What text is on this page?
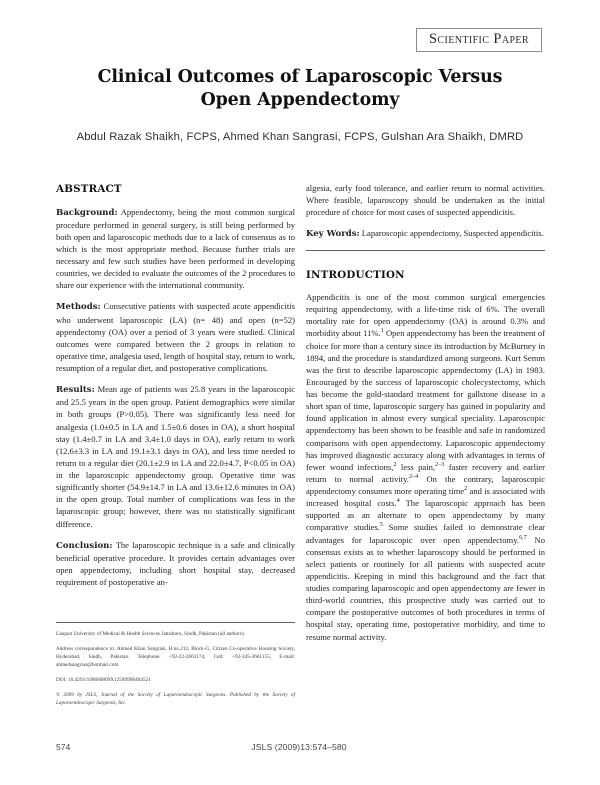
Scientific Paper
Clinical Outcomes of Laparoscopic Versus
Open Appendectomy
Abdul Razak Shaikh, FCPS, Ahmed Khan Sangrasi, FCPS, Gulshan Ara Shaikh, DMRD
ABSTRACT

Background: Appendectomy, being the most common surgical procedure performed in general surgery, is still being performed by both open and laparoscopic methods due to a lack of consensus as to which is the most appropriate method. Because further trials are necessary and few such studies have been performed in developing countries, we decided to evaluate the outcomes of the 2 procedures to share our experience with the international community.

Methods: Consecutive patients with suspected acute appendicitis who underwent laparoscopic (LA) (n= 48) and open (n=52) appendectomy (OA) over a period of 3 years were studied. Clinical outcomes were compared between the 2 groups in relation to operative time, analgesia used, length of hospital stay, return to work, resumption of a regular diet, and postoperative complications.

Results: Mean age of patients was 25.8 years in the laparoscopic and 25.5 years in the open group. Patient demographics were similar in both groups (P>0.05). There was significantly less need for analgesia (1.0±0.5 in LA and 1.5±0.6 doses in OA), a short hospital stay (1.4±0.7 in LA and 3.4±1.0 days in OA), early return to work (12.6±3.3 in LA and 19.1±3.1 days in OA), and less time needed to return to a regular diet (20.1±2.9 in LA and 22.0±4.7, P<0.05 in OA) in the laparoscopic appendectomy group. Operative time was significantly shorter (54.9±14.7 in LA and 13.6±12.6 minutes in OA) in the open group. Total number of complications was less in the laparoscopic group; however, there was no statistically significant difference.

Conclusion: The laparoscopic technique is a safe and clinically beneficial operative procedure. It provides certain advantages over open appendectomy, including short hospital stay, decreased requirement of postoperative an-

Liaquat University of Medical & Health Sciences Jamshoro, Sindh, Pakistan (all authors).

Address correspondence to: Ahmed Khan Sangrasi, H.no.212, Block-G, Citizen Co-operative Housing Society, Hyderabad, Sindh, Pakistan. Telephone: +92-22-2661174, Cell: +92-345-3661155, E-mail: ahmedsangrasi@hotmail.com

DOI: 10.4293/108680809X12589998404521

© 2009 by JSLS, Journal of the Society of Laparoendoscopic Surgeons. Published by the Society of Laparoendoscopic Surgeons, Inc.

algesia, early food tolerance, and earlier return to normal activities. Where feasible, laparoscopy should be undertaken as the initial procedure of choice for most cases of suspected appendicitis.

Key Words: Laparoscopic appendectomy, Suspected appendicitis.

INTRODUCTION

Appendicitis is one of the most common surgical emergencies requiring appendectomy, with a life-time risk of 6%. The overall mortality rate for open appendectomy (OA) is around 0.3% and morbidity about 11%.$^1$ Open appendectomy has been the treatment of choice for more than a century since its introduction by McBurney in 1894, and the procedure is standardized among surgeons. Kurt Semm was the first to describe laparoscopic appendectomy (LA) in 1983. Encouraged by the success of laparoscopic cholecystectomy, which has become the gold-standard treatment for gallstone disease in a short span of time, laparoscopic surgery has gained in popularity and found application in almost every surgical speciality. Laparoscopic appendectomy has been shown to be feasible and safe in randomized comparisons with open appendectomy. Laparoscopic appendectomy has improved diagnostic accuracy along with advantages in terms of fewer wound infections,$^2$ less pain,$^{2-3}$ faster recovery and earlier return to normal activity.$^{2-4}$ On the contrary, laparoscopic appendectomy consumes more operating time$^2$ and is associated with increased hospital costs.$^4$ The laparoscopic approach has been supported as an alternate to open appendectomy by many comparative studies.$^5$ Some studies failed to demonstrate clear advantages for laparoscopic over open appendectomy.$^{6,7}$ No consensus exists as to whether laparoscopy should be performed in select patients or routinely for all patients with suspected acute appendicitis. Keeping in mind this background and the fact that studies comparing laparoscopic and open appendectomy are fewer in third-world countries, this prospective study was carried out to compare the postoperative outcomes of both procedures in terms of hospital stay, operating time, postoperative morbidity, and time to resume normal activity.

574	JSLS (2009)13:574–580
